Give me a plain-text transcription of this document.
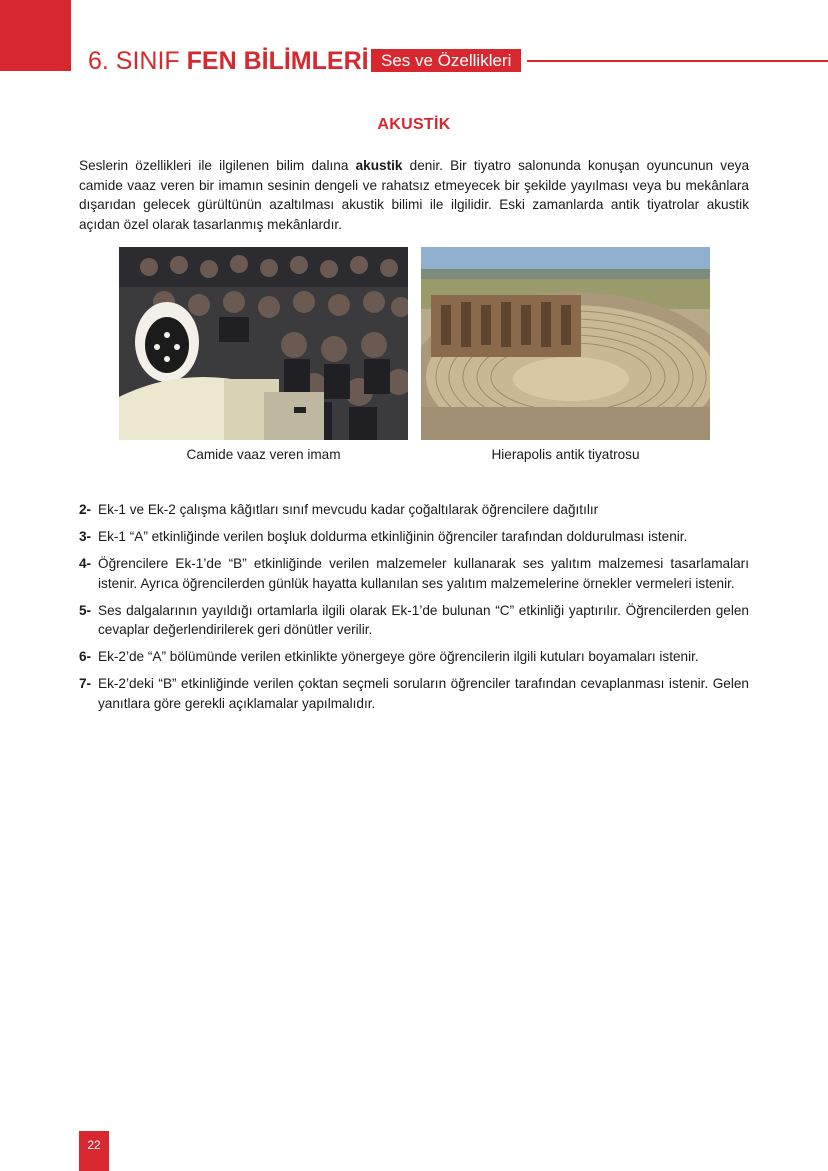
6. SINIF FEN BİLİMLERİ Ses ve Özellikleri
AKUSTİK

Seslerin özellikleri ile ilgilenen bilim dalına akustik denir. Bir tiyatro salonunda konuşan oyuncunun veya camide vaaz veren bir imamın sesinin dengeli ve rahatsız etmeyecek bir şekilde yayılması veya bu mekânlara dışarıdan gelecek gürültünün azaltılması akustik bilimi ile ilgilidir. Eski zamanlarda antik tiyatrolar akustik açıdan özel olarak tasarlanmış mekânlardır.

Camide vaaz veren imam	Hierapolis antik tiyatrosu
2- Ek-1 ve Ek-2 çalışma kâğıtları sınıf mevcudu kadar çoğaltılarak öğrencilere dağıtılır
3- Ek-1 “A” etkinliğinde verilen boşluk doldurma etkinliğinin öğrenciler tarafından doldurulması istenir.
4- Öğrencilere Ek-1’de “B” etkinliğinde verilen malzemeler kullanarak ses yalıtım malzemesi tasarlamaları istenir. Ayrıca öğrencilerden günlük hayatta kullanılan ses yalıtım malzemelerine örnekler vermeleri istenir.
5- Ses dalgalarının yayıldığı ortamlarla ilgili olarak Ek-1’de bulunan “C” etkinliği yaptırılır. Öğrencilerden gelen cevaplar değerlendirilerek geri dönütler verilir.
6- Ek-2’de “A” bölümünde verilen etkinlikte yönergeye göre öğrencilerin ilgili kutuları boyamaları istenir.
7- Ek-2’deki “B” etkinliğinde verilen çoktan seçmeli soruların öğrenciler tarafından cevaplanması istenir. Gelen yanıtlara göre gerekli açıklamalar yapılmalıdır.
22
